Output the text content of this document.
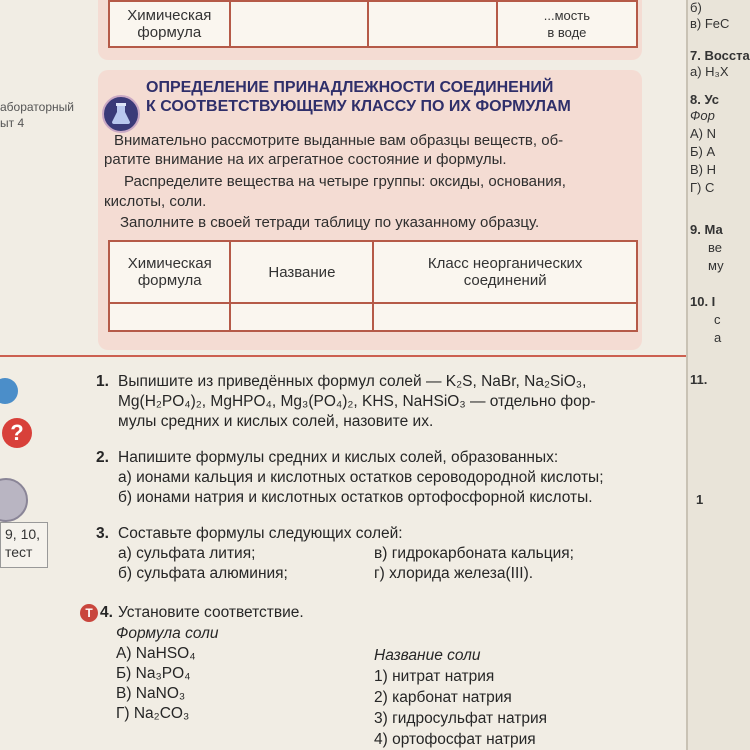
Химическая
формула			...мость
в воде
абораторный
ыт 4
ОПРЕДЕЛЕНИЕ ПРИНАДЛЕЖНОСТИ СОЕДИНЕНИЙ
К СООТВЕТСТВУЮЩЕМУ КЛАССУ ПО ИХ ФОРМУЛАМ
Внимательно рассмотрите выданные вам образцы веществ, об-
ратите внимание на их агрегатное состояние и формулы.
Распределите вещества на четыре группы: оксиды, основания,
кислоты, соли.
Заполните в своей тетради таблицу по указанному образцу.
Химическая
формула	Название	Класс неорганических
соединений

?
9, 10,
тест
1. Выпишите из приведённых формул солей — K₂S, NaBr, Na₂SiO₃,
Mg(H₂PO₄)₂, MgHPO₄, Mg₃(PO₄)₂, KHS, NaHSiO₃ — отдельно фор-
мулы средних и кислых солей, назовите их.
2. Напишите формулы средних и кислых солей, образованных:
а) ионами кальция и кислотных остатков сероводородной кислоты;
б) ионами натрия и кислотных остатков ортофосфорной кислоты.
3. Составьте формулы следующих солей:
а) сульфата лития;
б) сульфата алюминия;
в) гидрокарбоната кальция;
г) хлорида железа(III).
Т 4. Установите соответствие.
Формула соли
А) NaHSO₄
Б) Na₃PO₄
В) NaNO₃
Г) Na₂CO₃
Название соли
1) нитрат натрия
2) карбонат натрия
3) гидросульфат натрия
4) ортофосфат натрия
б)
в) FeC
7. Восста
а) H₃X
8. Ус
Фор
А) N
Б) А
В) Н
Г) С
9. Ма
ве
му
10. I
c
a
11.
1
